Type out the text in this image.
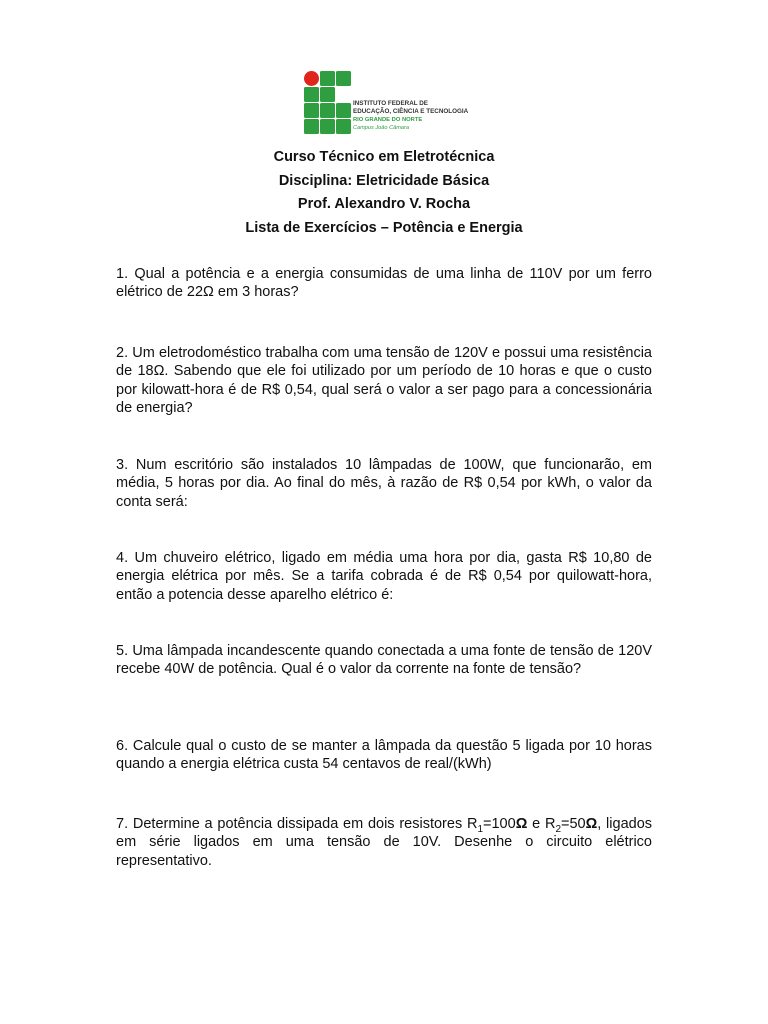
INSTITUTO FEDERAL DE
EDUCAÇÃO, CIÊNCIA E TECNOLOGIA
RIO GRANDE DO NORTE
Campus João Câmara
Curso Técnico em Eletrotécnica
Disciplina: Eletricidade Básica
Prof. Alexandro V. Rocha
Lista de Exercícios – Potência e Energia

1. Qual a potência e a energia consumidas de uma linha de 110V por um ferro elétrico de 22Ω em 3 horas?

2. Um eletrodoméstico trabalha com uma tensão de 120V e possui uma resistência de 18Ω. Sabendo que ele foi utilizado por um período de 10 horas e que o custo por kilowatt-hora é de R$ 0,54, qual será o valor a ser pago para a concessionária de energia?

3. Num escritório são instalados 10 lâmpadas de 100W, que funcionarão, em média, 5 horas por dia. Ao final do mês, à razão de R$ 0,54 por kWh, o valor da conta será:

4. Um chuveiro elétrico, ligado em média uma hora por dia, gasta R$ 10,80 de energia elétrica por mês. Se a tarifa cobrada é de R$ 0,54 por quilowatt-hora, então a potencia desse aparelho elétrico é:

5. Uma lâmpada incandescente quando conectada a uma fonte de tensão de 120V recebe 40W de potência. Qual é o valor da corrente na fonte de tensão?

6. Calcule qual o custo de se manter a lâmpada da questão 5 ligada por 10 horas quando a energia elétrica custa 54 centavos de real/(kWh)

7. Determine a potência dissipada em dois resistores $R_1=100\Omega$ e $R_2=50\Omega$, ligados em série ligados em uma tensão de 10V. Desenhe o circuito elétrico representativo.
